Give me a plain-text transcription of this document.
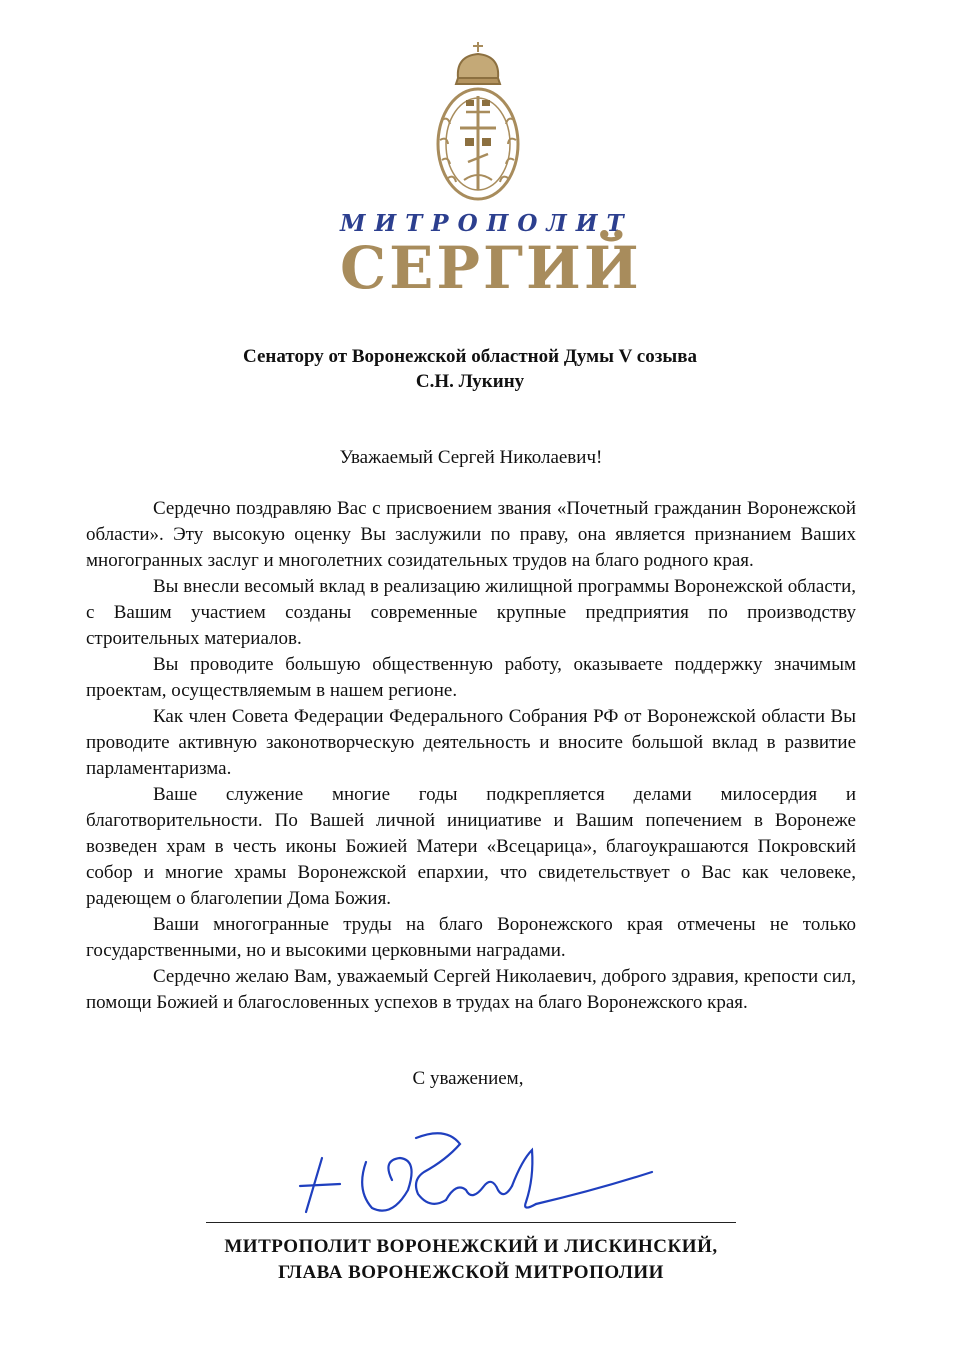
МИТРОПОЛИТ
СЕРГИЙ
Сенатору от Воронежской областной Думы V созыва
С.Н. Лукину
Уважаемый Сергей Николаевич!

Сердечно поздравляю Вас с присвоением звания «Почетный гражданин Воронежской области». Эту высокую оценку Вы заслужили по праву, она является признанием Ваших многогранных заслуг и многолетних созидательных трудов на благо родного края.

Вы внесли весомый вклад в реализацию жилищной программы Воронежской области, с Вашим участием созданы современные крупные предприятия по производству строительных материалов.

Вы проводите большую общественную работу, оказываете поддержку значимым проектам, осуществляемым в нашем регионе.

Как член Совета Федерации Федерального Собрания РФ от Воронежской области Вы проводите активную законотворческую деятельность и вносите большой вклад в развитие парламентаризма.

Ваше служение многие годы подкрепляется делами милосердия и благотворительности. По Вашей личной инициативе и Вашим попечением в Воронеже возведен храм в честь иконы Божией Матери «Всецарица», благоукрашаются Покровский собор и многие храмы Воронежской епархии, что свидетельствует о Вас как человеке, радеющем о благолепии Дома Божия.

Ваши многогранные труды на благо Воронежского края отмечены не только государственными, но и высокими церковными наградами.

Сердечно желаю Вам, уважаемый Сергей Николаевич, доброго здравия, крепости сил, помощи Божией и благословенных успехов в трудах на благо Воронежского края.

С уважением,
МИТРОПОЛИТ ВОРОНЕЖСКИЙ И ЛИСКИНСКИЙ,
ГЛАВА ВОРОНЕЖСКОЙ МИТРОПОЛИИ
